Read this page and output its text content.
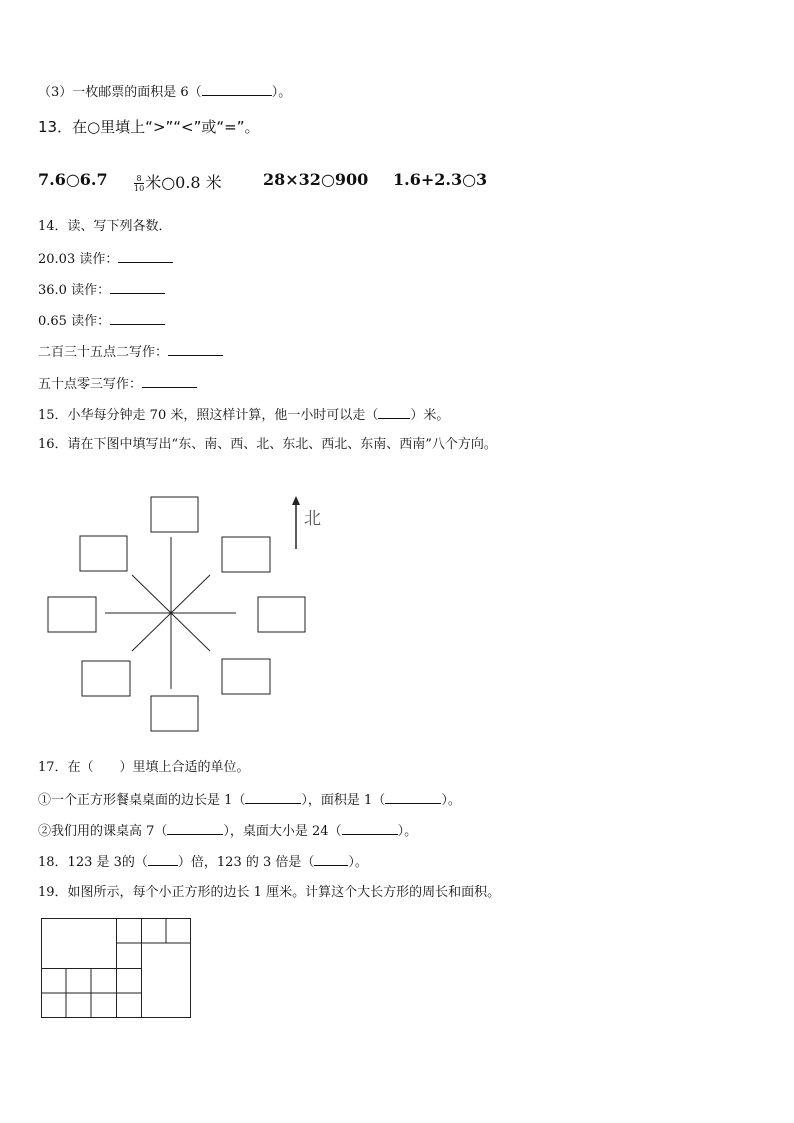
（3）一枚邮票的面积是 6（	）。
13．在○里填上“>”“<”或“=”。
7.6○6.7	$\frac{8}{10}$ 米○0.8 米	28×32○900 1.6+2.3○3
14．读、写下列各数．
20.03 读作：
36.0 读作：
0.65 读作：
二百三十五点二写作：
五十点零三写作：
15．小华每分钟走 70 米，照这样计算，他一小时可以走（ ）米。
16．请在下图中填写出“东、南、西、北、东北、西北、东南、西南”八个方向。
北
17．在（　　）里填上合适的单位。
①一个正方形餐桌桌面的边长是 1（	），面积是 1（	）。
②我们用的课桌高 7（	），桌面大小是 24（	）。
18．123 是 3的（ ）倍，123 的 3 倍是（	）。
19．如图所示，每个小正方形的边长 1 厘米。计算这个大长方形的周长和面积。
